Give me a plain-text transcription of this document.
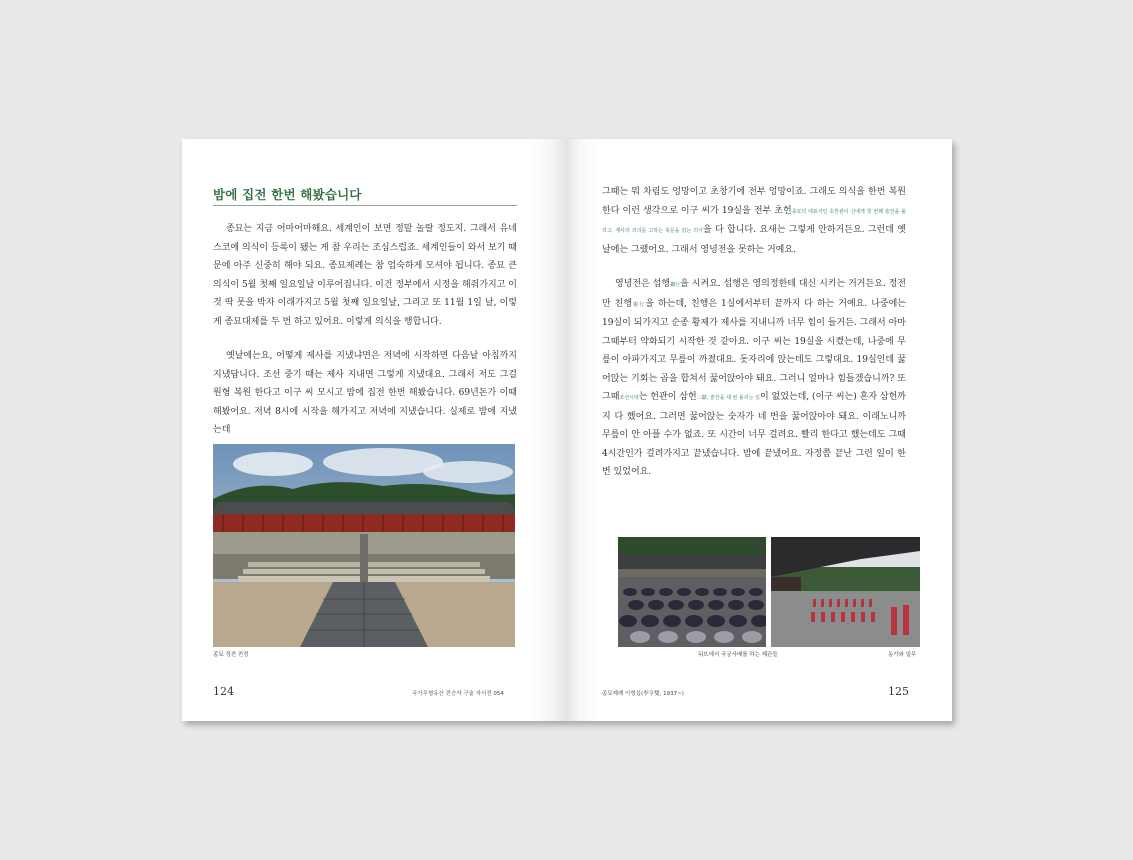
밤에 집전 한번 해봤습니다

종묘는 지금 어마어마해요. 세계인이 보면 정말 놀랄 정도지. 그래서 유네스코에 의식이 등록이 됐는 게 참 우리는 조심스럽죠. 세계인들이 와서 보기 때문에 아주 신중히 해야 되요. 종묘제례는 참 엄숙하게 모셔야 됩니다. 종묘 큰 의식이 5월 첫째 일요일날 이루어집니다. 이건 정부에서 시정을 해줘가지고 이것 딱 못을 박자 이래가지고 5월 첫째 일요일날, 그리고 또 11월 1일 날, 이렇게 종묘대제를 두 번 하고 있어요. 이렇게 의식을 행합니다.

옛날에는요, 어떻게 제사를 지냈냐면은 저녁에 시작하면 다음날 아침까지 지냈답니다. 조선 중기 때는 제사 지내면 그렇게 지냈대요. 그래서 저도 그걸 원형 복원 한다고 이구 씨 모시고 밤에 집전 한번 해봤습니다. 69년돈가 이때 해봤어요. 저녁 8시에 시작을 해가지고 저녁에 지냈습니다. 실제로 밤에 지냈는데

종묘 정전 전경
124	국가무형유산 전승자 구술 자서전 054

그때는 뭐 차림도 엉망이고 초창기에 전부 엉망이죠. 그래도 의식을 한번 복원한다 이런 생각으로 이구 씨가 19실을 전부 초헌종묘의 대표자인 초헌관이 신에게 첫 번째 술잔을 올리고, 제사의 의의를 고하는 축문을 읽는 의식을 다 합니다. 요새는 그렇게 안하거든요. 그런데 옛날에는 그랬어요. 그래서 영녕전을 못하는 거예요.

영녕전은 섭행攝行을 시켜요. 섭행은 영의정한테 대신 시키는 거거든요. 정전만 친행親行을 하는데, 친행은 1실에서부터 끝까지 다 하는 거예요. 나중에는 19실이 되가지고 순종 황제가 제사를 지내니까 너무 힘이 들거든. 그래서 아마 그때부터 약화되기 시작한 것 같아요. 이구 씨는 19실을 시켰는데, 나중에 무릎이 아파가지고 무릎이 까졌대요. 돗자리에 앉는데도 그렇대요. 19실인데 꿇어앉는 기회는 곱을 합쳐서 꿇어앉아야 돼요. 그러니 얼마나 힘들겠습니까? 또 그때조선시대는 헌관이 삼헌三獻, 술잔을 세 번 올리는 일이 없었는데, (이구 씨는) 혼자 삼헌까지 다 했어요. 그러면 꿇어앉는 숫자가 네 번을 꿇어앉아야 돼요. 이래노니까 무릎이 안 아플 수가 없죠. 또 시간이 너무 걸려요. 빨리 한다고 했는데도 그때 4시간인가 걸려가지고 끝냈습니다. 밤에 끝냈어요. 자정쯤 끝난 그런 일이 한번 있었어요.

뒤뜨에서 국궁사배를 하는 제관들	동가와 일무
종묘제례 이형섭(李亨燮, 1937~)	125
